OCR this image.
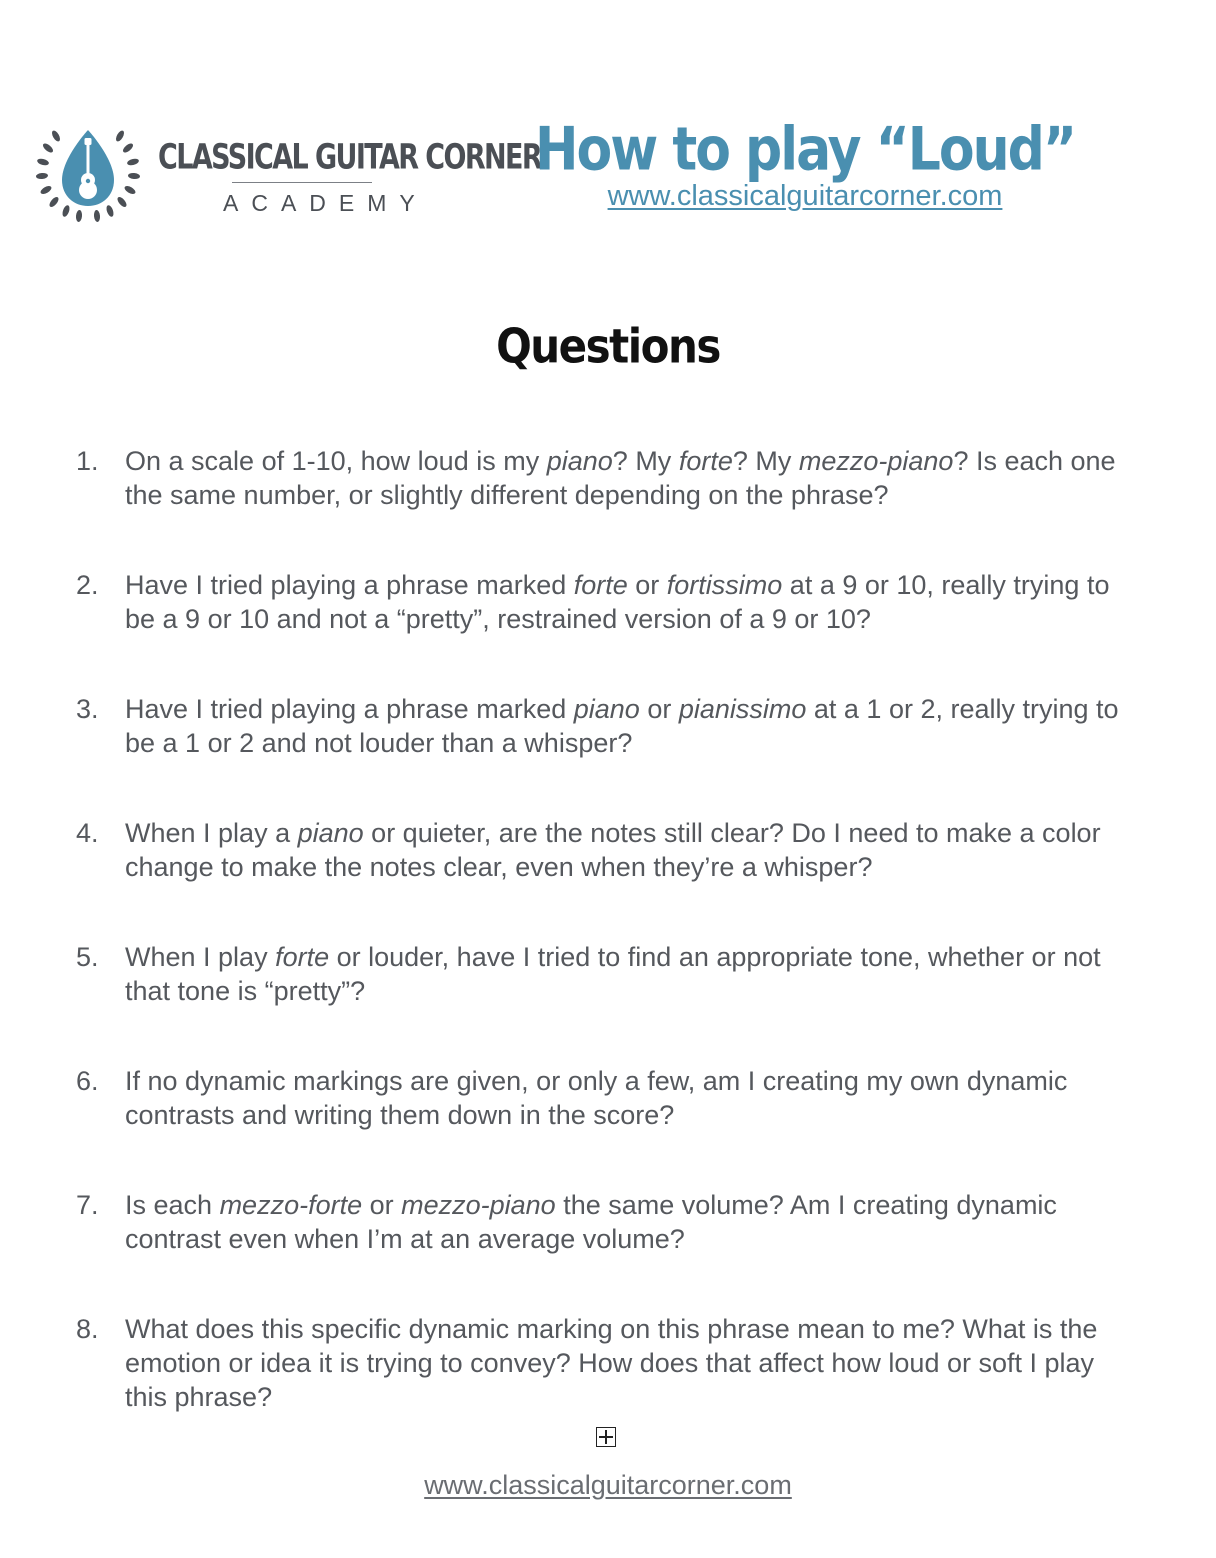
CLASSICAL GUITAR CORNER
ACADEMY
How to play “Loud”
www.classicalguitarcorner.com
Questions
1. On a scale of 1-10, how loud is my piano? My forte? My mezzo-piano? Is each one the same number, or slightly different depending on the phrase?
2. Have I tried playing a phrase marked forte or fortissimo at a 9 or 10, really trying to be a 9 or 10 and not a “pretty”, restrained version of a 9 or 10?
3. Have I tried playing a phrase marked piano or pianissimo at a 1 or 2, really trying to be a 1 or 2 and not louder than a whisper?
4. When I play a piano or quieter, are the notes still clear? Do I need to make a color change to make the notes clear, even when they’re a whisper?
5. When I play forte or louder, have I tried to find an appropriate tone, whether or not that tone is “pretty”?
6. If no dynamic markings are given, or only a few, am I creating my own dynamic contrasts and writing them down in the score?
7. Is each mezzo-forte or mezzo-piano the same volume? Am I creating dynamic contrast even when I’m at an average volume?
8. What does this specific dynamic marking on this phrase mean to me? What is the emotion or idea it is trying to convey? How does that affect how loud or soft I play this phrase?
www.classicalguitarcorner.com
